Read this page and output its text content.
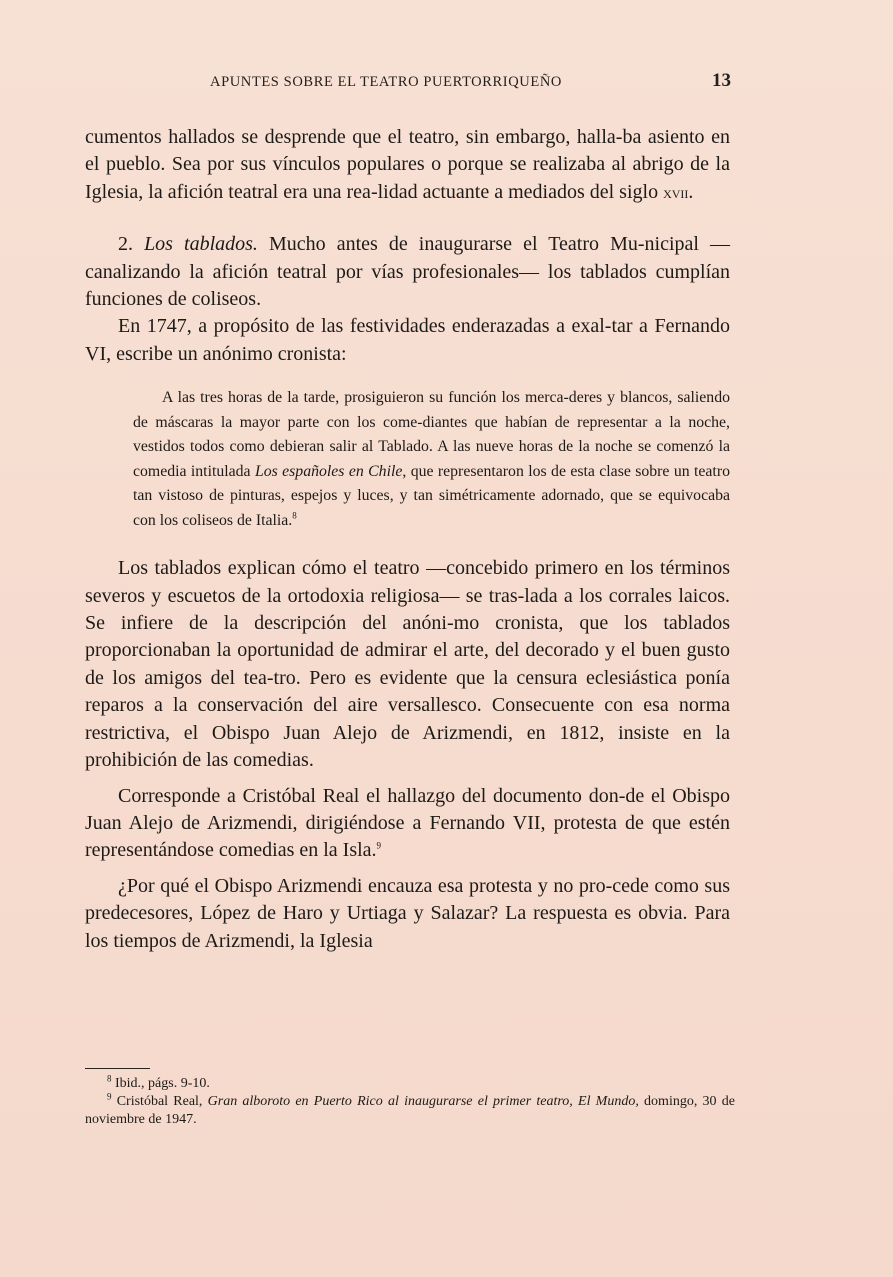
APUNTES SOBRE EL TEATRO PUERTORRIQUEÑO	13

cumentos hallados se desprende que el teatro, sin embargo, halla-ba asiento en el pueblo. Sea por sus vínculos populares o porque se realizaba al abrigo de la Iglesia, la afición teatral era una rea-lidad actuante a mediados del siglo xvii.

2. Los tablados. Mucho antes de inaugurarse el Teatro Mu-nicipal —canalizando la afición teatral por vías profesionales— los tablados cumplían funciones de coliseos.

En 1747, a propósito de las festividades enderazadas a exal-tar a Fernando VI, escribe un anónimo cronista:

A las tres horas de la tarde, prosiguieron su función los merca-deres y blancos, saliendo de máscaras la mayor parte con los come-diantes que habían de representar a la noche, vestidos todos como debieran salir al Tablado. A las nueve horas de la noche se comenzó la comedia intitulada Los españoles en Chile, que representaron los de esta clase sobre un teatro tan vistoso de pinturas, espejos y luces, y tan simétricamente adornado, que se equivocaba con los coliseos de Italia.$^8$

Los tablados explican cómo el teatro —concebido primero en los términos severos y escuetos de la ortodoxia religiosa— se tras-lada a los corrales laicos. Se infiere de la descripción del anóni-mo cronista, que los tablados proporcionaban la oportunidad de admirar el arte, del decorado y el buen gusto de los amigos del tea-tro. Pero es evidente que la censura eclesiástica ponía reparos a la conservación del aire versallesco. Consecuente con esa norma restrictiva, el Obispo Juan Alejo de Arizmendi, en 1812, insiste en la prohibición de las comedias.

Corresponde a Cristóbal Real el hallazgo del documento don-de el Obispo Juan Alejo de Arizmendi, dirigiéndose a Fernando VII, protesta de que estén representándose comedias en la Isla.$^9$

¿Por qué el Obispo Arizmendi encauza esa protesta y no pro-cede como sus predecesores, López de Haro y Urtiaga y Salazar? La respuesta es obvia. Para los tiempos de Arizmendi, la Iglesia

$^8$ Ibid., págs. 9-10.

$^9$ Cristóbal Real, Gran alboroto en Puerto Rico al inaugurarse el primer teatro, El Mundo, domingo, 30 de noviembre de 1947.
